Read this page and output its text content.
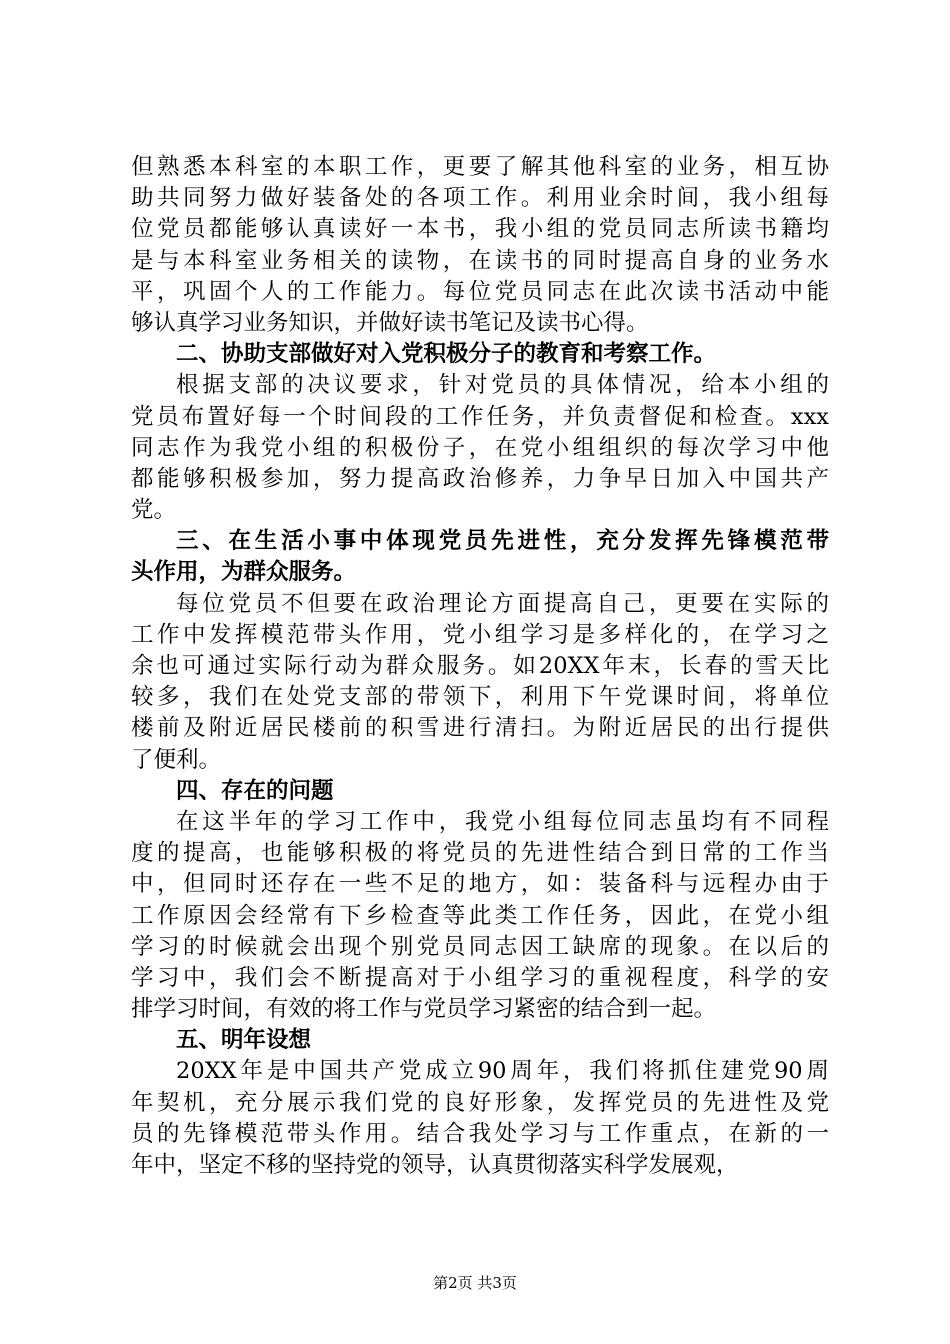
但熟悉本科室的本职工作，更要了解其他科室的业务，相互协
助共同努力做好装备处的各项工作。利用业余时间，我小组每
位党员都能够认真读好一本书，我小组的党员同志所读书籍均
是与本科室业务相关的读物，在读书的同时提高自身的业务水
平，巩固个人的工作能力。每位党员同志在此次读书活动中能
够认真学习业务知识，并做好读书笔记及读书心得。
二、协助支部做好对入党积极分子的教育和考察工作。
根据支部的决议要求，针对党员的具体情况，给本小组的
党员布置好每一个时间段的工作任务，并负责督促和检查。xxx
同志作为我党小组的积极份子，在党小组组织的每次学习中他
都能够积极参加，努力提高政治修养，力争早日加入中国共产
党。
三、在生活小事中体现党员先进性，充分发挥先锋模范带
头作用，为群众服务。
每位党员不但要在政治理论方面提高自己，更要在实际的
工作中发挥模范带头作用，党小组学习是多样化的，在学习之
余也可通过实际行动为群众服务。如20XX年末，长春的雪天比
较多，我们在处党支部的带领下，利用下午党课时间，将单位
楼前及附近居民楼前的积雪进行清扫。为附近居民的出行提供
了便利。
四、存在的问题
在这半年的学习工作中，我党小组每位同志虽均有不同程
度的提高，也能够积极的将党员的先进性结合到日常的工作当
中，但同时还存在一些不足的地方，如：装备科与远程办由于
工作原因会经常有下乡检查等此类工作任务，因此，在党小组
学习的时候就会出现个别党员同志因工缺席的现象。在以后的
学习中，我们会不断提高对于小组学习的重视程度，科学的安
排学习时间，有效的将工作与党员学习紧密的结合到一起。
五、明年设想
20XX年是中国共产党成立90周年，我们将抓住建党90周
年契机，充分展示我们党的良好形象，发挥党员的先进性及党
员的先锋模范带头作用。结合我处学习与工作重点，在新的一
年中，坚定不移的坚持党的领导，认真贯彻落实科学发展观，
第2页 共3页
